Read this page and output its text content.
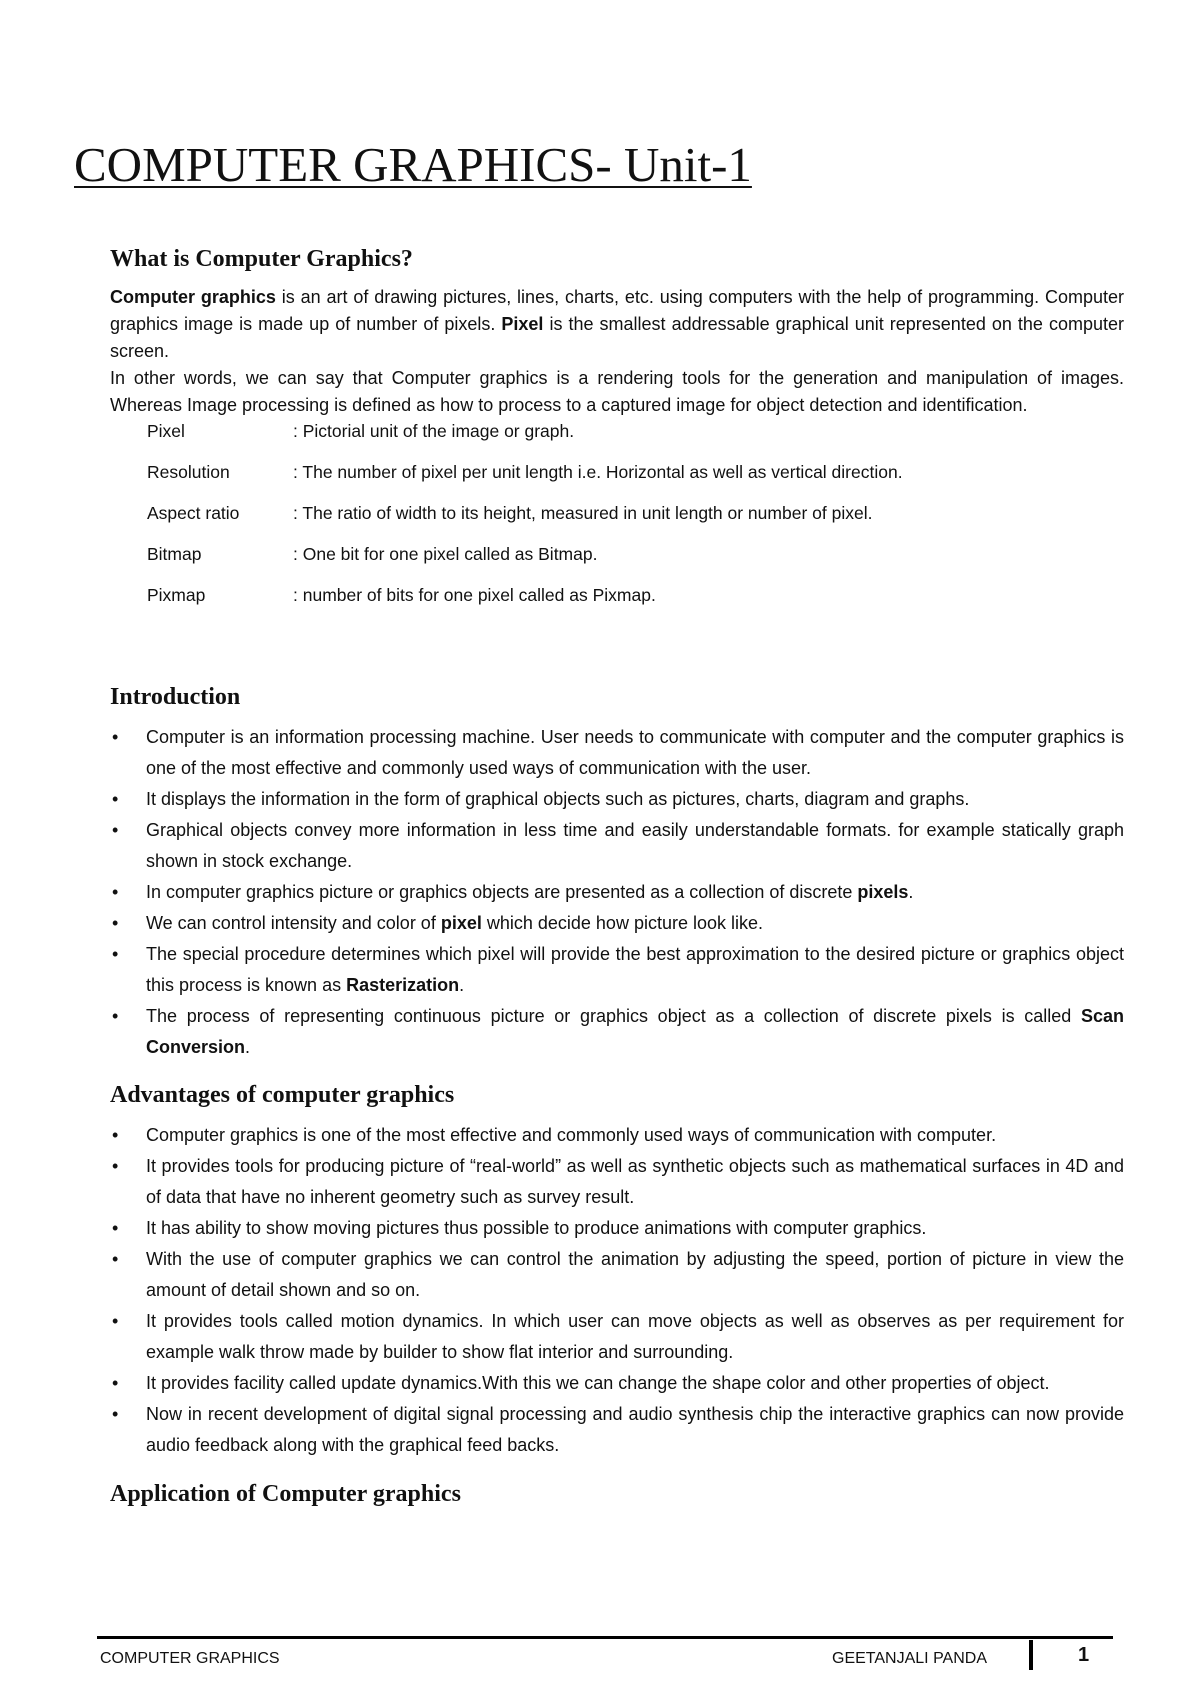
COMPUTER GRAPHICS- Unit-1
What is Computer Graphics?

Computer graphics is an art of drawing pictures, lines, charts, etc. using computers with the help of programming. Computer graphics image is made up of number of pixels. Pixel is the smallest addressable graphical unit represented on the computer screen.

In other words, we can say that Computer graphics is a rendering tools for the generation and manipulation of images. Whereas Image processing is defined as how to process to a captured image for object detection and identification.

Pixel	: Pictorial unit of the image or graph.
Resolution	: The number of pixel per unit length i.e. Horizontal as well as vertical direction.
Aspect ratio	: The ratio of width to its height, measured in unit length or number of pixel.
Bitmap	: One bit for one pixel called as Bitmap.
Pixmap	: number of bits for one pixel called as Pixmap.
Introduction
• Computer is an information processing machine. User needs to communicate with computer and the computer graphics is one of the most effective and commonly used ways of communication with the user.
• It displays the information in the form of graphical objects such as pictures, charts, diagram and graphs.
• Graphical objects convey more information in less time and easily understandable formats. for example statically graph shown in stock exchange.
• In computer graphics picture or graphics objects are presented as a collection of discrete pixels.
• We can control intensity and color of pixel which decide how picture look like.
• The special procedure determines which pixel will provide the best approximation to the desired picture or graphics object this process is known as Rasterization.
• The process of representing continuous picture or graphics object as a collection of discrete pixels is called Scan Conversion.
Advantages of computer graphics
• Computer graphics is one of the most effective and commonly used ways of communication with computer.
• It provides tools for producing picture of “real-world” as well as synthetic objects such as mathematical surfaces in 4D and of data that have no inherent geometry such as survey result.
• It has ability to show moving pictures thus possible to produce animations with computer graphics.
• With the use of computer graphics we can control the animation by adjusting the speed, portion of picture in view the amount of detail shown and so on.
• It provides tools called motion dynamics. In which user can move objects as well as observes as per requirement for example walk throw made by builder to show flat interior and surrounding.
• It provides facility called update dynamics.With this we can change the shape color and other properties of object.
• Now in recent development of digital signal processing and audio synthesis chip the interactive graphics can now provide audio feedback along with the graphical feed backs.
Application of Computer graphics
COMPUTER GRAPHICS	GEETANJALI PANDA	1
